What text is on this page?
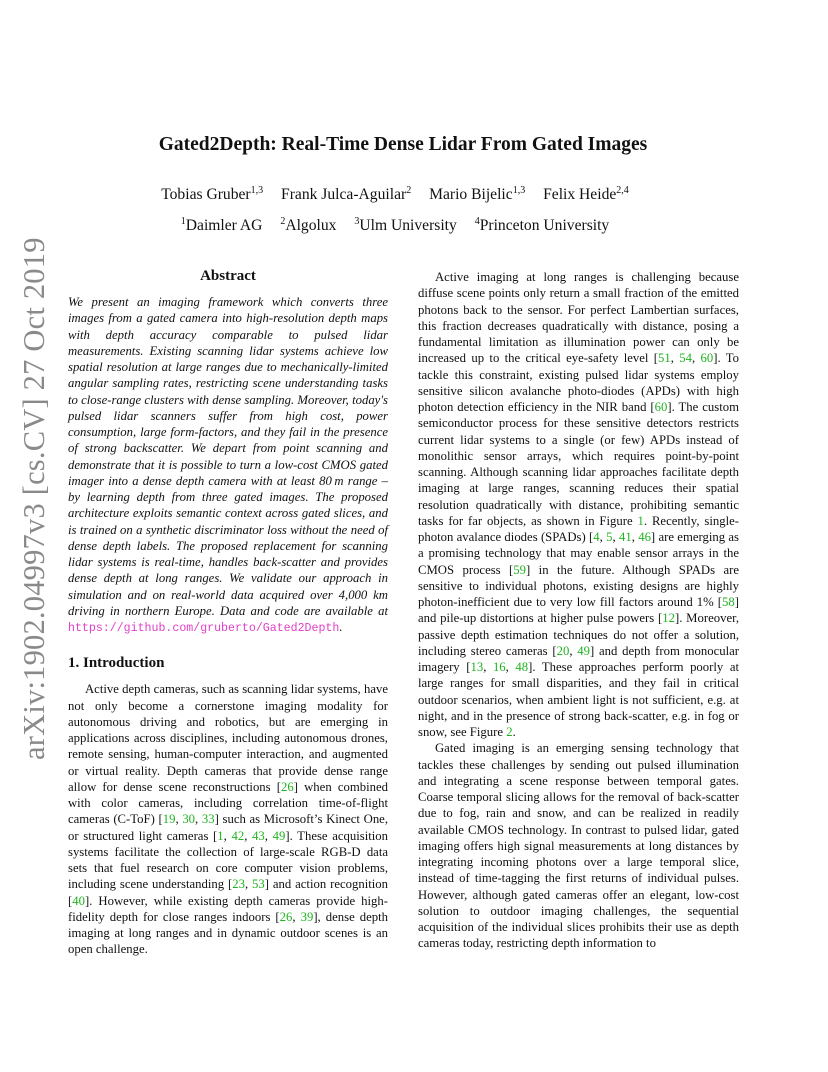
arXiv:1902.04997v3 [cs.CV] 27 Oct 2019
Gated2Depth: Real-Time Dense Lidar From Gated Images
Tobias Gruber$^{1,3}$ Frank Julca-Aguilar$^2$ Mario Bijelic$^{1,3}$ Felix Heide$^{2,4}$
$^1$Daimler AG $^2$Algolux $^3$Ulm University $^4$Princeton University
Abstract

We present an imaging framework which converts three images from a gated camera into high-resolution depth maps with depth accuracy comparable to pulsed lidar measurements. Existing scanning lidar systems achieve low spatial resolution at large ranges due to mechanically-limited angular sampling rates, restricting scene understanding tasks to close-range clusters with dense sampling. Moreover, today's pulsed lidar scanners suffer from high cost, power consumption, large form-factors, and they fail in the presence of strong backscatter. We depart from point scanning and demonstrate that it is possible to turn a low-cost CMOS gated imager into a dense depth camera with at least 80 m range – by learning depth from three gated images. The proposed architecture exploits semantic context across gated slices, and is trained on a synthetic discriminator loss without the need of dense depth labels. The proposed replacement for scanning lidar systems is real-time, handles back-scatter and provides dense depth at long ranges. We validate our approach in simulation and on real-world data acquired over 4,000 km driving in northern Europe. Data and code are available at https://github.com/gruberto/Gated2Depth.

1. Introduction

Active depth cameras, such as scanning lidar systems, have not only become a cornerstone imaging modality for autonomous driving and robotics, but are emerging in applications across disciplines, including autonomous drones, remote sensing, human-computer interaction, and augmented or virtual reality. Depth cameras that provide dense range allow for dense scene reconstructions [26] when combined with color cameras, including correlation time-of-flight cameras (C-ToF) [19, 30, 33] such as Microsoft’s Kinect One, or structured light cameras [1, 42, 43, 49]. These acquisition systems facilitate the collection of large-scale RGB-D data sets that fuel research on core computer vision problems, including scene understanding [23, 53] and action recognition [40]. However, while existing depth cameras provide high-fidelity depth for close ranges indoors [26, 39], dense depth imaging at long ranges and in dynamic outdoor scenes is an open challenge.

Active imaging at long ranges is challenging because diffuse scene points only return a small fraction of the emitted photons back to the sensor. For perfect Lambertian surfaces, this fraction decreases quadratically with distance, posing a fundamental limitation as illumination power can only be increased up to the critical eye-safety level [51, 54, 60]. To tackle this constraint, existing pulsed lidar systems employ sensitive silicon avalanche photo-diodes (APDs) with high photon detection efficiency in the NIR band [60]. The custom semiconductor process for these sensitive detectors restricts current lidar systems to a single (or few) APDs instead of monolithic sensor arrays, which requires point-by-point scanning. Although scanning lidar approaches facilitate depth imaging at large ranges, scanning reduces their spatial resolution quadratically with distance, prohibiting semantic tasks for far objects, as shown in Figure 1. Recently, single-photon avalance diodes (SPADs) [4, 5, 41, 46] are emerging as a promising technology that may enable sensor arrays in the CMOS process [59] in the future. Although SPADs are sensitive to individual photons, existing designs are highly photon-inefficient due to very low fill factors around 1% [58] and pile-up distortions at higher pulse powers [12]. Moreover, passive depth estimation techniques do not offer a solution, including stereo cameras [20, 49] and depth from monocular imagery [13, 16, 48]. These approaches perform poorly at large ranges for small disparities, and they fail in critical outdoor scenarios, when ambient light is not sufficient, e.g. at night, and in the presence of strong back-scatter, e.g. in fog or snow, see Figure 2.

Gated imaging is an emerging sensing technology that tackles these challenges by sending out pulsed illumination and integrating a scene response between temporal gates. Coarse temporal slicing allows for the removal of back-scatter due to fog, rain and snow, and can be realized in readily available CMOS technology. In contrast to pulsed lidar, gated imaging offers high signal measurements at long distances by integrating incoming photons over a large temporal slice, instead of time-tagging the first returns of individual pulses. However, although gated cameras offer an elegant, low-cost solution to outdoor imaging challenges, the sequential acquisition of the individual slices prohibits their use as depth cameras today, restricting depth information to
